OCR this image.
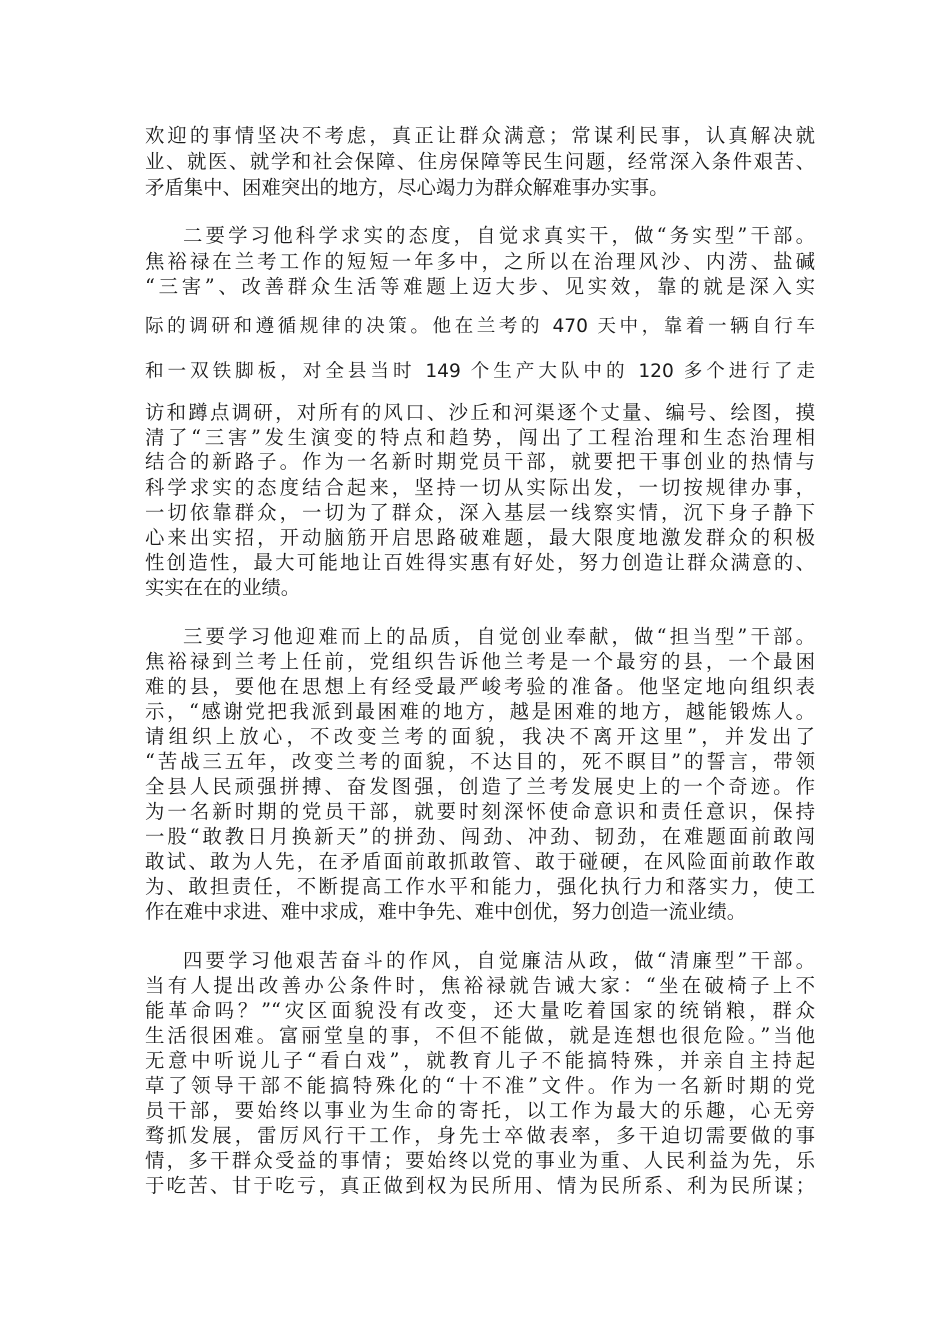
欢迎的事情坚决不考虑，真正让群众满意；常谋利民事，认真解决就
业、就医、就学和社会保障、住房保障等民生问题，经常深入条件艰苦、
矛盾集中、困难突出的地方，尽心竭力为群众解难事办实事。
二要学习他科学求实的态度，自觉求真实干，做“务实型”干部。
焦裕禄在兰考工作的短短一年多中，之所以在治理风沙、内涝、盐碱
“三害”、改善群众生活等难题上迈大步、见实效，靠的就是深入实
际的调研和遵循规律的决策。他在兰考的 470 天中，靠着一辆自行车
和一双铁脚板，对全县当时 149 个生产大队中的 120 多个进行了走
访和蹲点调研，对所有的风口、沙丘和河渠逐个丈量、编号、绘图，摸
清了“三害”发生演变的特点和趋势，闯出了工程治理和生态治理相
结合的新路子。作为一名新时期党员干部，就要把干事创业的热情与
科学求实的态度结合起来，坚持一切从实际出发，一切按规律办事，
一切依靠群众，一切为了群众，深入基层一线察实情，沉下身子静下
心来出实招，开动脑筋开启思路破难题，最大限度地激发群众的积极
性创造性，最大可能地让百姓得实惠有好处，努力创造让群众满意的、
实实在在的业绩。
三要学习他迎难而上的品质，自觉创业奉献，做“担当型”干部。
焦裕禄到兰考上任前，党组织告诉他兰考是一个最穷的县，一个最困
难的县，要他在思想上有经受最严峻考验的准备。他坚定地向组织表
示，“感谢党把我派到最困难的地方，越是困难的地方，越能锻炼人。
请组织上放心，不改变兰考的面貌，我决不离开这里”，并发出了
“苦战三五年，改变兰考的面貌，不达目的，死不瞑目”的誓言，带领
全县人民顽强拼搏、奋发图强，创造了兰考发展史上的一个奇迹。作
为一名新时期的党员干部，就要时刻深怀使命意识和责任意识，保持
一股“敢教日月换新天”的拼劲、闯劲、冲劲、韧劲，在难题面前敢闯
敢试、敢为人先，在矛盾面前敢抓敢管、敢于碰硬，在风险面前敢作敢
为、敢担责任，不断提高工作水平和能力，强化执行力和落实力，使工
作在难中求进、难中求成，难中争先、难中创优，努力创造一流业绩。
四要学习他艰苦奋斗的作风，自觉廉洁从政，做“清廉型”干部。
当有人提出改善办公条件时，焦裕禄就告诫大家：“坐在破椅子上不
能革命吗？”“灾区面貌没有改变，还大量吃着国家的统销粮，群众
生活很困难。富丽堂皇的事，不但不能做，就是连想也很危险。”当他
无意中听说儿子“看白戏”，就教育儿子不能搞特殊，并亲自主持起
草了领导干部不能搞特殊化的“十不准”文件。作为一名新时期的党
员干部，要始终以事业为生命的寄托，以工作为最大的乐趣，心无旁
骛抓发展，雷厉风行干工作，身先士卒做表率，多干迫切需要做的事
情，多干群众受益的事情；要始终以党的事业为重、人民利益为先，乐
于吃苦、甘于吃亏，真正做到权为民所用、情为民所系、利为民所谋；
